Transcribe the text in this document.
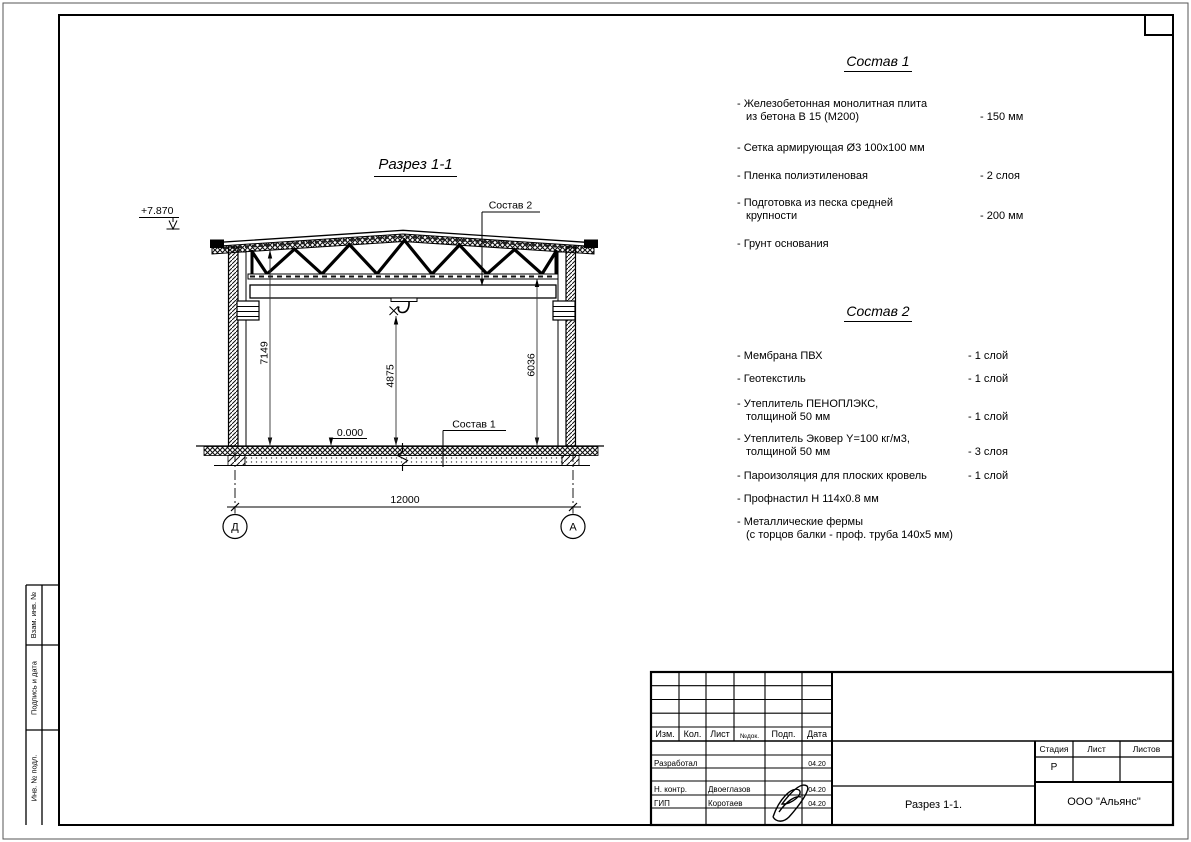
7149
4875	6036
0.000
+7.870
12000
Д	А
Состав 2
Состав 1
Разрез 1-1
Состав 1
- Железобетонная монолитная плита
из бетона В 15 (М200)	- 150 мм
- Сетка армирующая Ø3 100х100 мм
- Пленка полиэтиленовая	- 2 слоя
- Подготовка из песка средней
крупности	- 200 мм
- Грунт основания
Состав 2
- Мембрана ПВХ	- 1 слой
- Геотекстиль	- 1 слой
- Утеплитель ПЕНОПЛЭКС,
толщиной 50 мм	- 1 слой
- Утеплитель Эковер Y=100 кг/м3,
толщиной 50 мм	- 3 слоя
- Пароизоляция для плоских кровель	- 1 слой
- Профнастил Н 114х0.8 мм
- Металлические фермы
(с торцов балки - проф. труба 140х5 мм)
Изм. Кол. Лист	№док.	Подп.	Дата
Разработал	04.20
Н. контр.	Двоеглазов	04.20
ГИП	Коротаев	04.20
Стадия	Лист	Листов
Р
Разрез 1-1.	ООО "Альянс"
Взам. инв. №
Подпись и дата
Инв. № подл.
